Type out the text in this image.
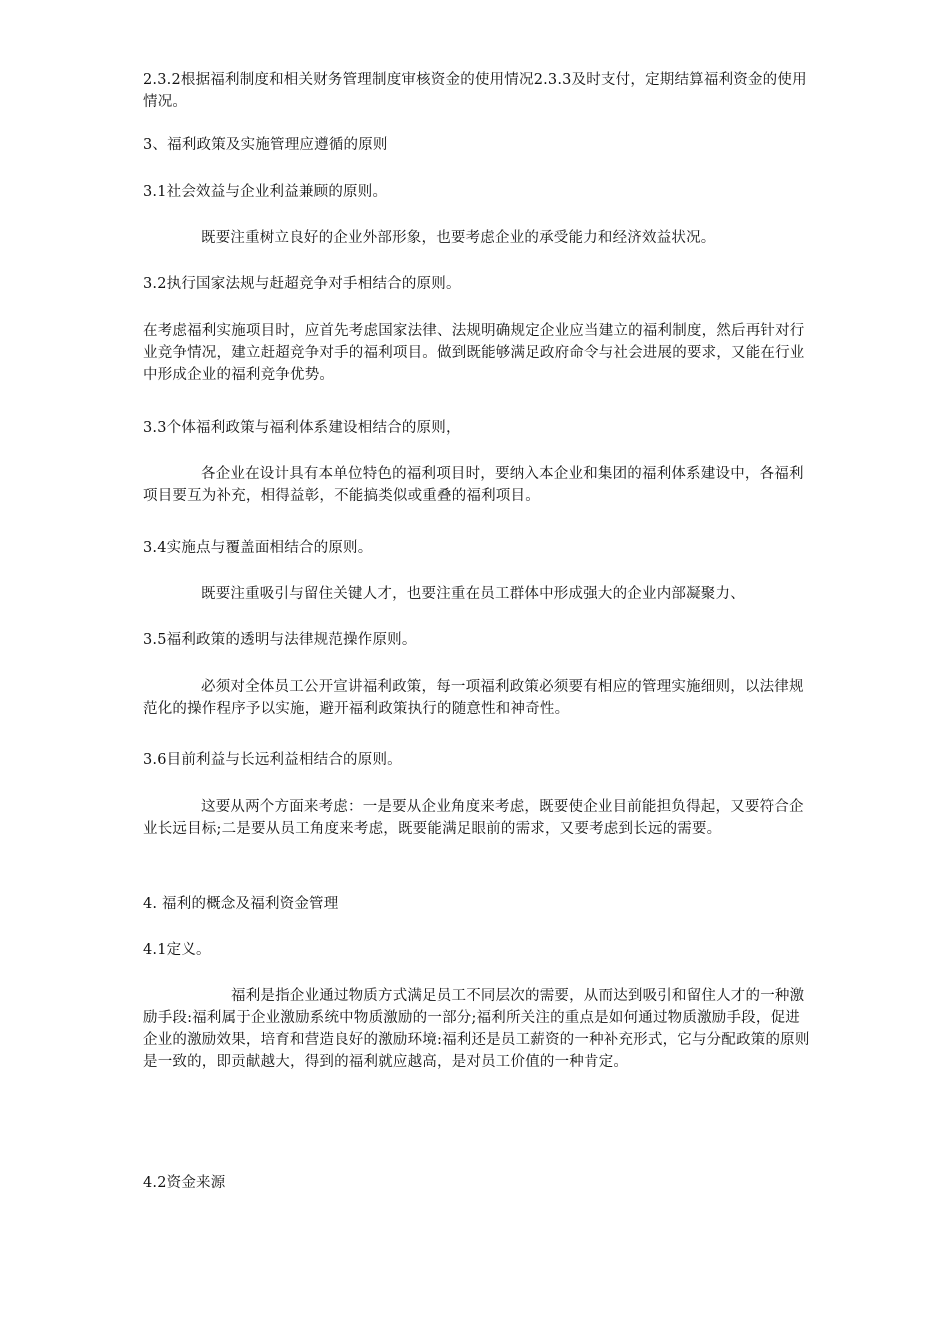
2.3.2根据福利制度和相关财务管理制度审核资金的使用情况2.3.3及时支付，定期结算福利资金的使用情况。

3、福利政策及实施管理应遵循的原则

3.1社会效益与企业利益兼顾的原则。

既要注重树立良好的企业外部形象，也要考虑企业的承受能力和经济效益状况。

3.2执行国家法规与赶超竞争对手相结合的原则。

在考虑福利实施项目时，应首先考虑国家法律、法规明确规定企业应当建立的福利制度，然后再针对行业竞争情况，建立赶超竞争对手的福利项目。做到既能够满足政府命令与社会进展的要求，又能在行业中形成企业的福利竞争优势。

3.3个体福利政策与福利体系建设相结合的原则，

各企业在设计具有本单位特色的福利项目时，要纳入本企业和集团的福利体系建设中，各福利项目要互为补充，相得益彰，不能搞类似或重叠的福利项目。

3.4实施点与覆盖面相结合的原则。

既要注重吸引与留住关键人才，也要注重在员工群体中形成强大的企业内部凝聚力、

3.5福利政策的透明与法律规范操作原则。

必须对全体员工公开宣讲福利政策，每一项福利政策必须要有相应的管理实施细则，以法律规范化的操作程序予以实施，避开福利政策执行的随意性和神奇性。

3.6目前利益与长远利益相结合的原则。

这要从两个方面来考虑：一是要从企业角度来考虑，既要使企业目前能担负得起，又要符合企业长远目标;二是要从员工角度来考虑，既要能满足眼前的需求，又要考虑到长远的需要。

4. 福利的概念及福利资金管理

4.1定义。

福利是指企业通过物质方式满足员工不同层次的需要，从而达到吸引和留住人才的一种激励手段:福利属于企业激励系统中物质激励的一部分;福利所关注的重点是如何通过物质激励手段，促进企业的激励效果，培育和营造良好的激励环境:福利还是员工薪资的一种补充形式，它与分配政策的原则是一致的，即贡献越大，得到的福利就应越高，是对员工价值的一种肯定。

4.2资金来源
